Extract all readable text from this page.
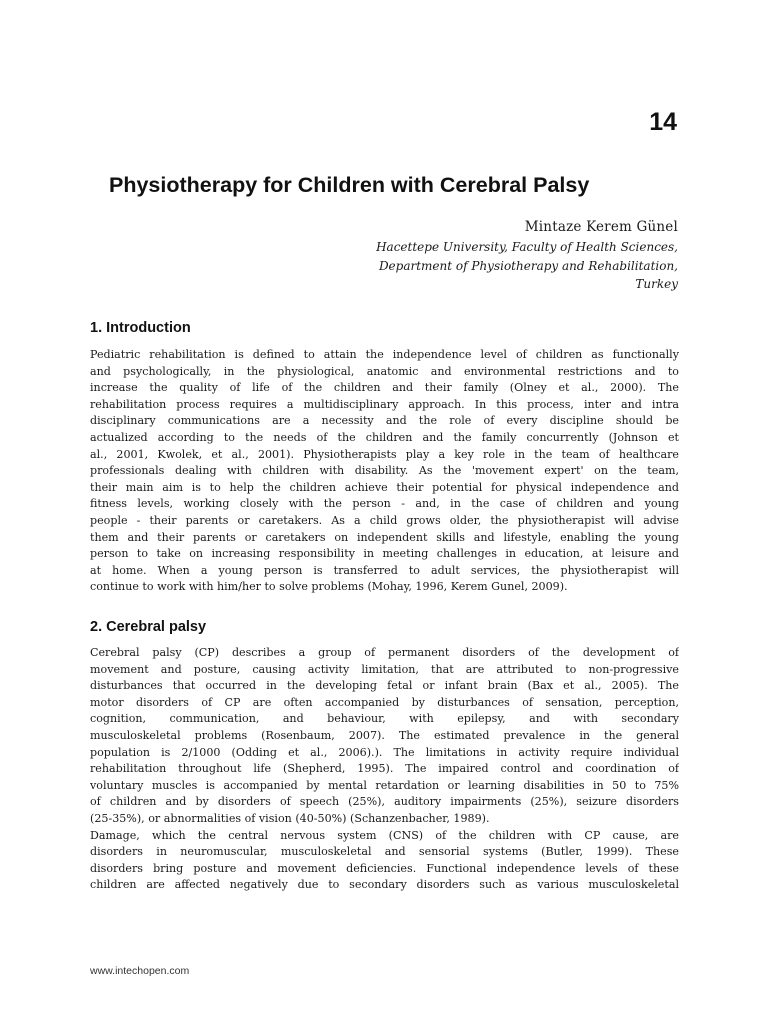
14
Physiotherapy for Children with Cerebral Palsy
Mintaze Kerem Günel
Hacettepe University, Faculty of Health Sciences,
Department of Physiotherapy and Rehabilitation,
Turkey
1. Introduction
Pediatric rehabilitation is defined to attain the independence level of children as functionally
and psychologically, in the physiological, anatomic and environmental restrictions and to
increase the quality of life of the children and their family (Olney et al., 2000). The
rehabilitation process requires a multidisciplinary approach. In this process, inter and intra
disciplinary communications are a necessity and the role of every discipline should be
actualized according to the needs of the children and the family concurrently (Johnson et
al., 2001, Kwolek, et al., 2001). Physiotherapists play a key role in the team of healthcare
professionals dealing with children with disability. As the 'movement expert' on the team,
their main aim is to help the children achieve their potential for physical independence and
fitness levels, working closely with the person - and, in the case of children and young
people - their parents or caretakers. As a child grows older, the physiotherapist will advise
them and their parents or caretakers on independent skills and lifestyle, enabling the young
person to take on increasing responsibility in meeting challenges in education, at leisure and
at home. When a young person is transferred to adult services, the physiotherapist will
continue to work with him/her to solve problems (Mohay, 1996, Kerem Gunel, 2009).
2. Cerebral palsy
Cerebral palsy (CP) describes a group of permanent disorders of the development of
movement and posture, causing activity limitation, that are attributed to non-progressive
disturbances that occurred in the developing fetal or infant brain (Bax et al., 2005). The
motor disorders of CP are often accompanied by disturbances of sensation, perception,
cognition, communication, and behaviour, with epilepsy, and with secondary
musculoskeletal problems (Rosenbaum, 2007). The estimated prevalence in the general
population is 2/1000 (Odding et al., 2006).). The limitations in activity require individual
rehabilitation throughout life (Shepherd, 1995). The impaired control and coordination of
voluntary muscles is accompanied by mental retardation or learning disabilities in 50 to 75%
of children and by disorders of speech (25%), auditory impairments (25%), seizure disorders
(25-35%), or abnormalities of vision (40-50%) (Schanzenbacher, 1989).
Damage, which the central nervous system (CNS) of the children with CP cause, are
disorders in neuromuscular, musculoskeletal and sensorial systems (Butler, 1999). These
disorders bring posture and movement deficiencies. Functional independence levels of these
children are affected negatively due to secondary disorders such as various musculoskeletal
www.intechopen.com
